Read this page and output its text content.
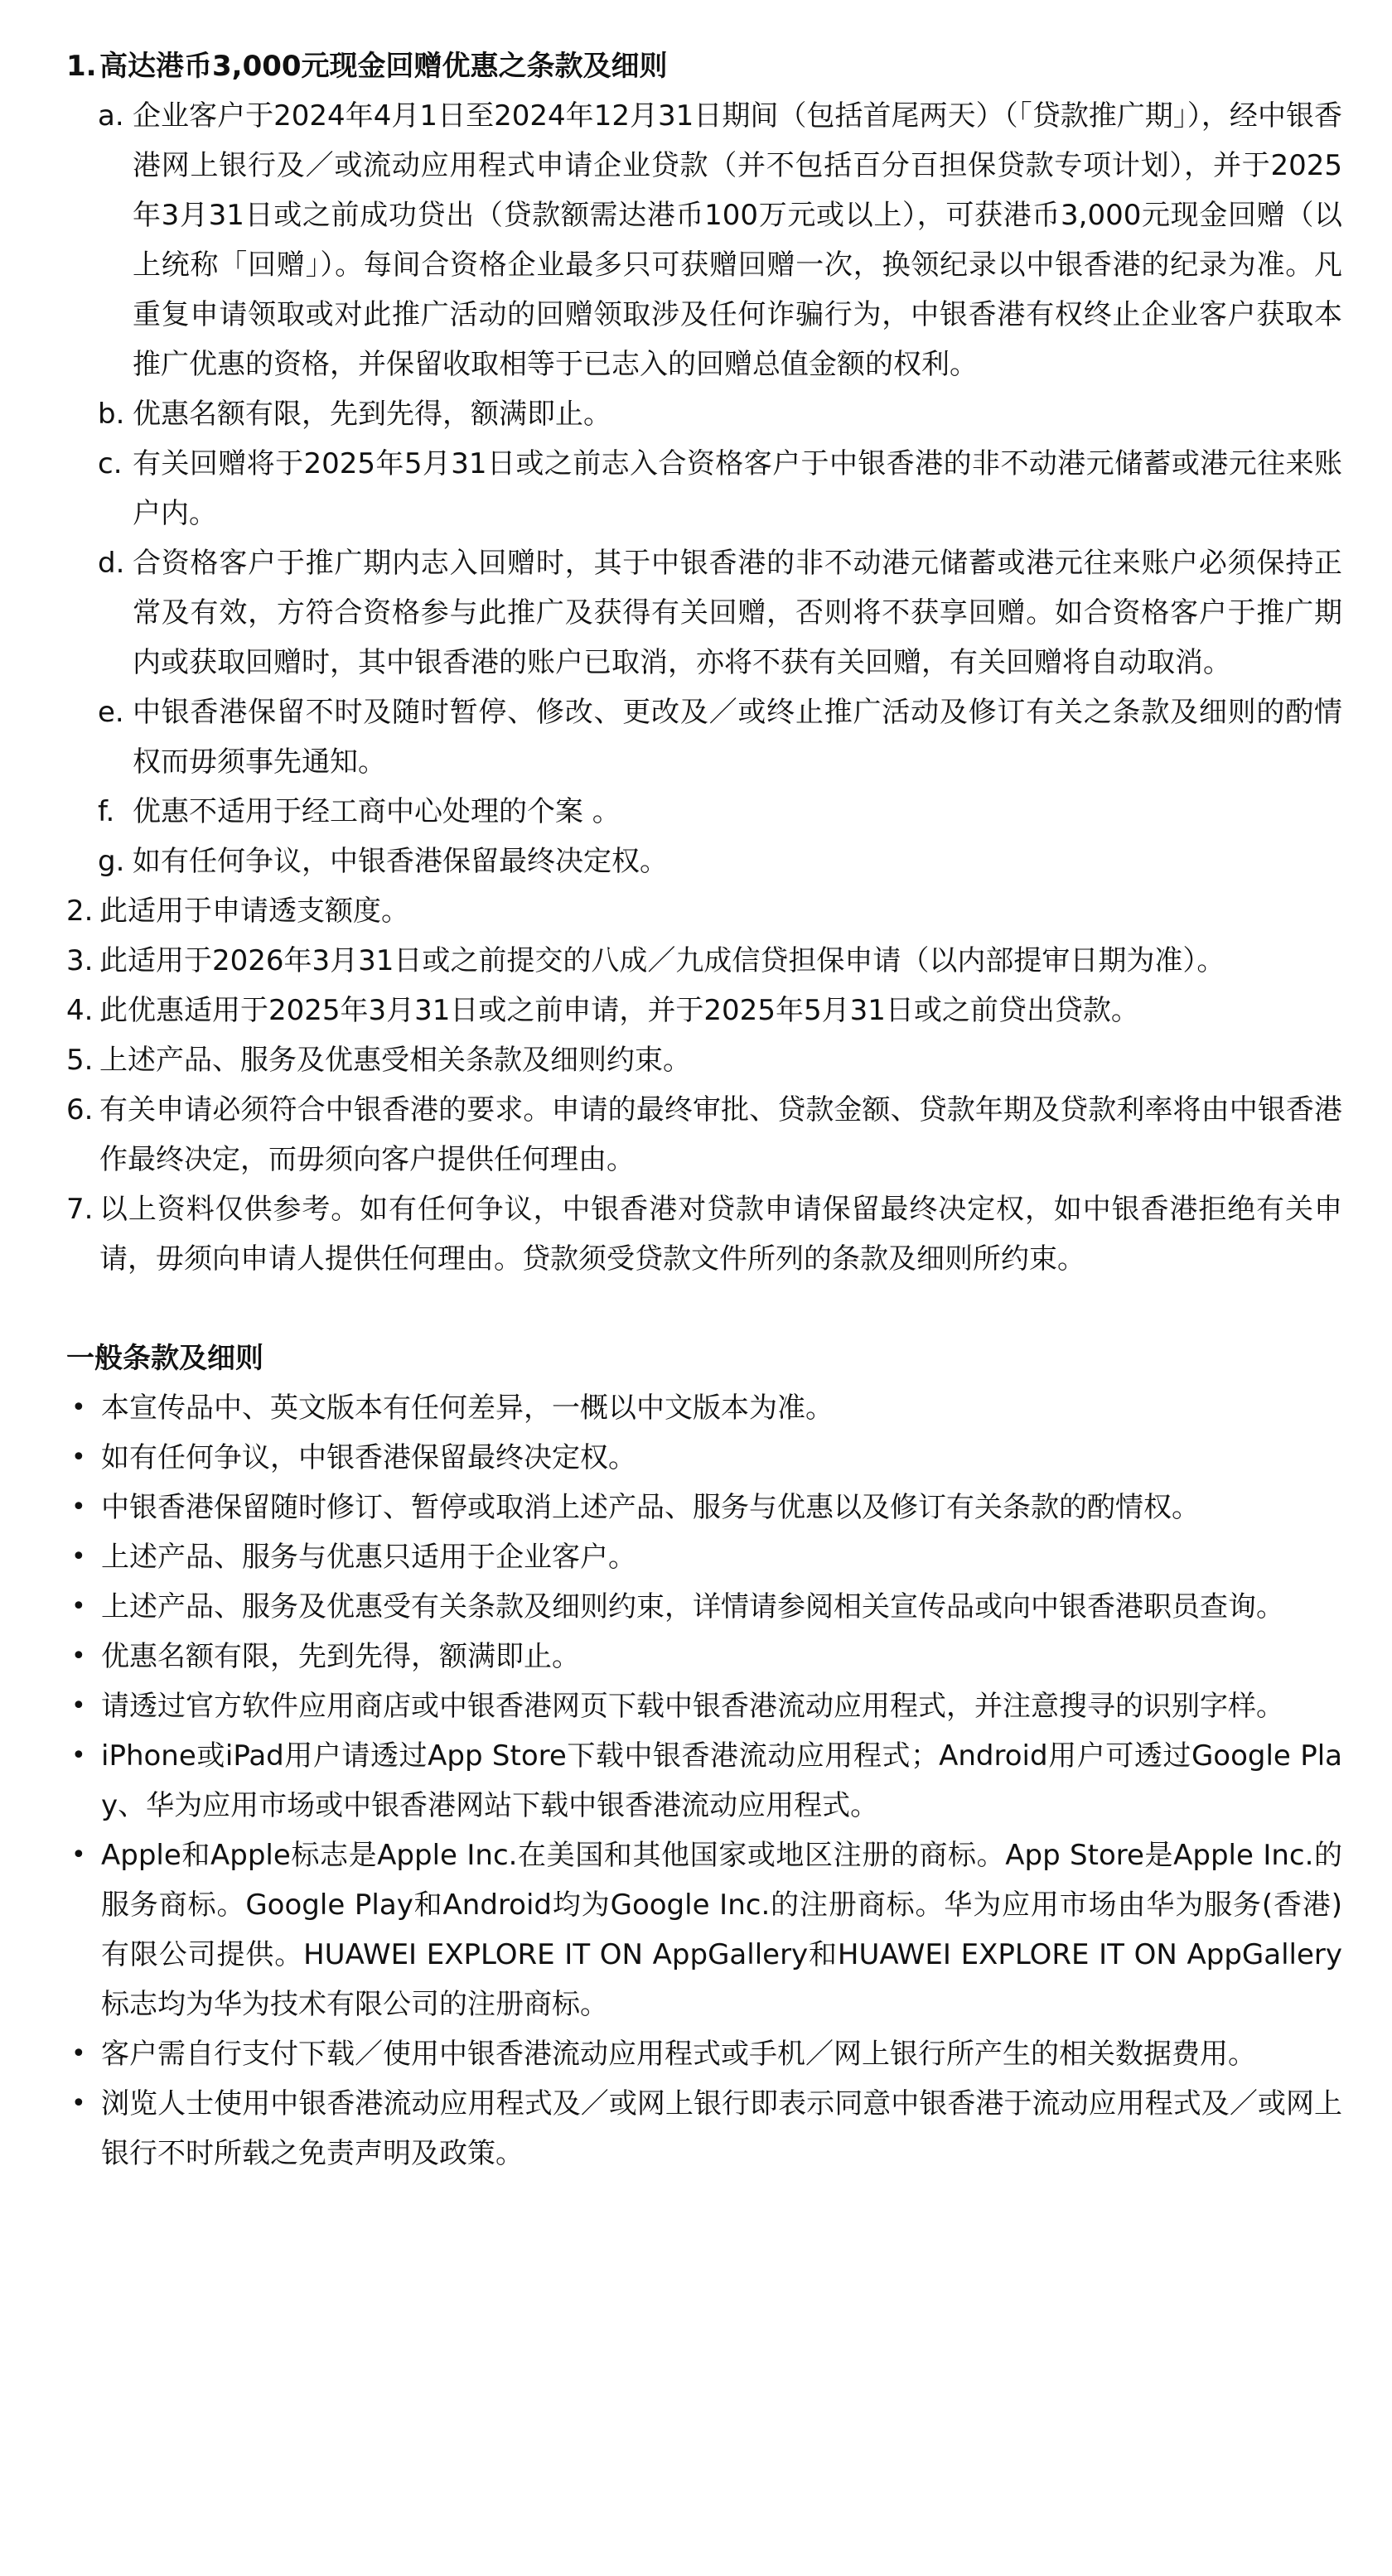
1. 高达港币3,000元现金回赠优惠之条款及细则
a. 企业客户于2024年4月1日至2024年12月31日期间（包括首尾两天）（「贷款推广期」），经中银香港网上银行及／或流动应用程式申请企业贷款（并不包括百分百担保贷款专项计划），并于2025年3月31日或之前成功贷出（贷款额需达港币100万元或以上），可获港币3,000元现金回赠（以上统称「回赠」）。每间合资格企业最多只可获赠回赠一次，换领纪录以中银香港的纪录为准。凡重复申请领取或对此推广活动的回赠领取涉及任何诈骗行为，中银香港有权终止企业客户获取本推广优惠的资格，并保留收取相等于已志入的回赠总值金额的权利。
b. 优惠名额有限，先到先得，额满即止。
c. 有关回赠将于2025年5月31日或之前志入合资格客户于中银香港的非不动港元储蓄或港元往来账户内。
d. 合资格客户于推广期内志入回赠时，其于中银香港的非不动港元储蓄或港元往来账户必须保持正常及有效，方符合资格参与此推广及获得有关回赠，否则将不获享回赠。如合资格客户于推广期内或获取回赠时，其中银香港的账户已取消，亦将不获有关回赠，有关回赠将自动取消。
e. 中银香港保留不时及随时暂停、修改、更改及／或终止推广活动及修订有关之条款及细则的酌情权而毋须事先通知。
f. 优惠不适用于经工商中心处理的个案 。
g. 如有任何争议，中银香港保留最终决定权。
2. 此适用于申请透支额度。
3. 此适用于2026年3月31日或之前提交的八成／九成信贷担保申请（以内部提审日期为准）。
4. 此优惠适用于2025年3月31日或之前申请，并于2025年5月31日或之前贷出贷款。
5. 上述产品、服务及优惠受相关条款及细则约束。
6. 有关申请必须符合中银香港的要求。申请的最终审批、贷款金额、贷款年期及贷款利率将由中银香港作最终决定，而毋须向客户提供任何理由。
7. 以上资料仅供参考。如有任何争议，中银香港对贷款申请保留最终决定权，如中银香港拒绝有关申请，毋须向申请人提供任何理由。贷款须受贷款文件所列的条款及细则所约束。
一般条款及细则
• 本宣传品中、英文版本有任何差异，一概以中文版本为准。
• 如有任何争议，中银香港保留最终决定权。
• 中银香港保留随时修订、暂停或取消上述产品、服务与优惠以及修订有关条款的酌情权。
• 上述产品、服务与优惠只适用于企业客户。
• 上述产品、服务及优惠受有关条款及细则约束，详情请参阅相关宣传品或向中银香港职员查询。
• 优惠名额有限，先到先得，额满即止。
• 请透过官方软件应用商店或中银香港网页下载中银香港流动应用程式，并注意搜寻的识别字样。
• iPhone或iPad用户请透过App Store下载中银香港流动应用程式；Android用户可透过Google Play、华为应用市场或中银香港网站下载中银香港流动应用程式。
• Apple和Apple标志是Apple Inc.在美国和其他国家或地区注册的商标。App Store是Apple Inc.的服务商标。Google Play和Android均为Google Inc.的注册商标。华为应用市场由华为服务(香港)有限公司提供。HUAWEI EXPLORE IT ON AppGallery和HUAWEI EXPLORE IT ON AppGallery标志均为华为技术有限公司的注册商标。
• 客户需自行支付下载／使用中银香港流动应用程式或手机／网上银行所产生的相关数据费用。
• 浏览人士使用中银香港流动应用程式及／或网上银行即表示同意中银香港于流动应用程式及／或网上银行不时所载之免责声明及政策。
